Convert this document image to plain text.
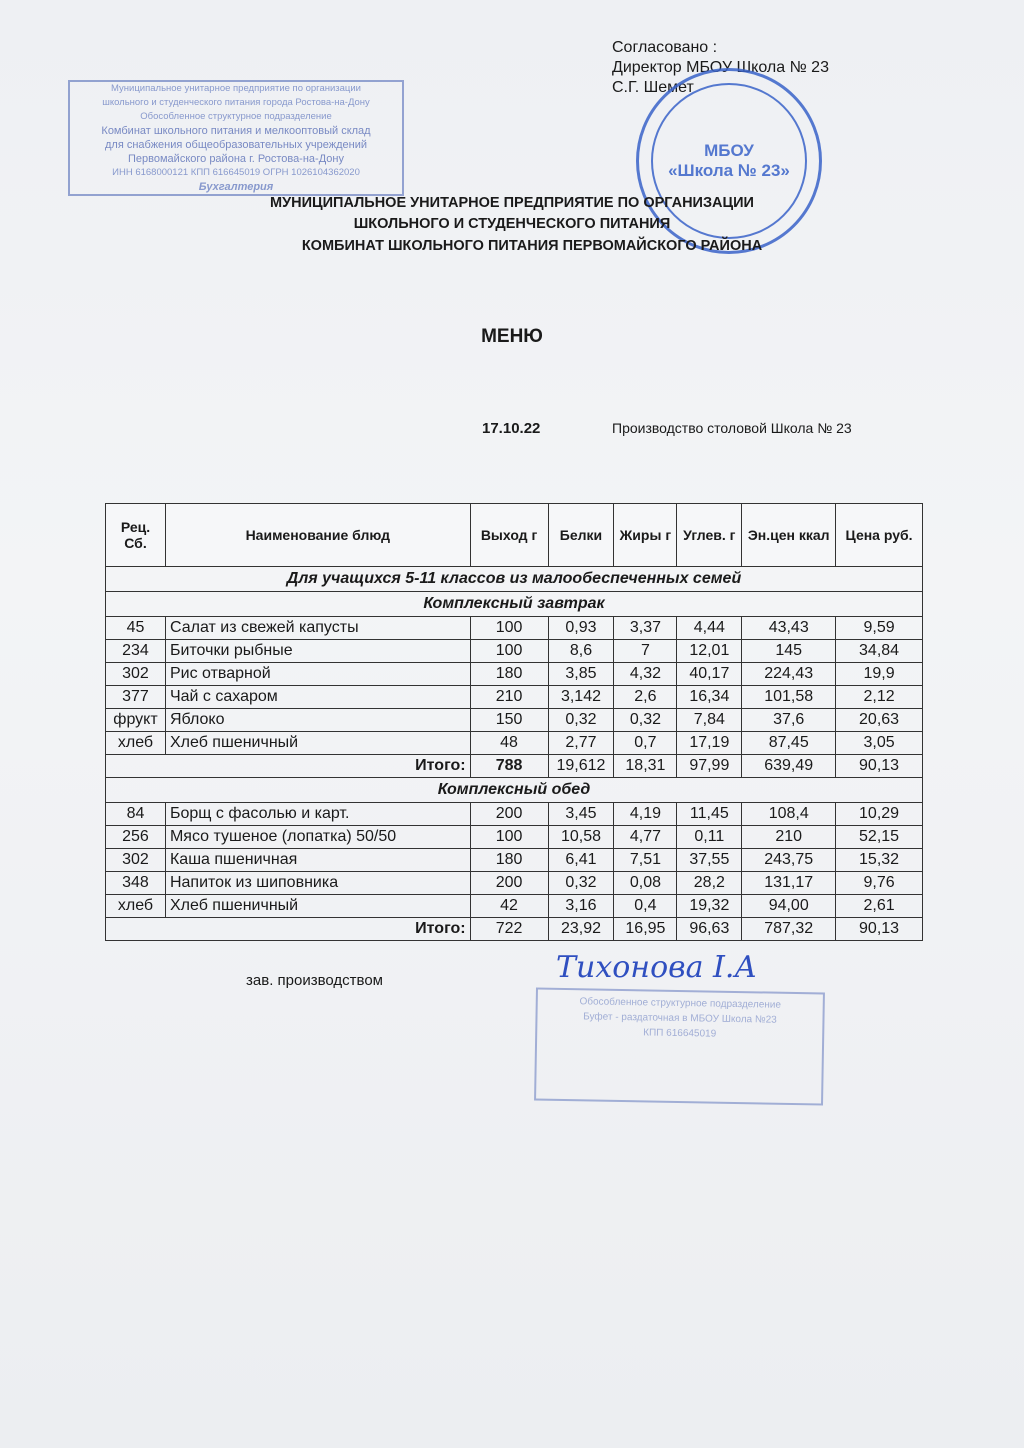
Согласовано :
Директор МБОУ Школа № 23
С.Г. Шемет
Муниципальное унитарное предприятие по организации
школьного и студенческого питания города Ростова-на-Дону
Обособленное структурное подразделение
Комбинат школьного питания и мелкооптовый склад
для снабжения общеобразовательных учреждений
Первомайского района г. Ростова-на-Дону
ИНН 6168000121 КПП 616645019 ОГРН 1026104362020
Бухгалтерия
МБОУ
«Школа № 23»
МУНИЦИПАЛЬНОЕ УНИТАРНОЕ ПРЕДПРИЯТИЕ ПО ОРГАНИЗАЦИИ
ШКОЛЬНОГО И СТУДЕНЧЕСКОГО ПИТАНИЯ
КОМБИНАТ ШКОЛЬНОГО ПИТАНИЯ ПЕРВОМАЙСКОГО РАЙОНА
МЕНЮ
17.10.22	Производство столовой Школа № 23
Рец. Сб.	Наименование блюд	Выход г	Белки	Жиры г	Углев. г	Эн.цен ккал	Цена руб.
Для учащихся 5-11 классов из малообеспеченных семей							
Комплексный завтрак							
45	Салат из свежей капусты	100	0,93	3,37	4,44	43,43	9,59
234	Биточки рыбные	100	8,6	7	12,01	145	34,84
302	Рис отварной	180	3,85	4,32	40,17	224,43	19,9
377	Чай с сахаром	210	3,142	2,6	16,34	101,58	2,12
фрукт	Яблоко	150	0,32	0,32	7,84	37,6	20,63
хлеб	Хлеб пшеничный	48	2,77	0,7	17,19	87,45	3,05
Итого:		788	19,612	18,31	97,99	639,49	90,13
Комплексный обед							
84	Борщ с фасолью и карт.	200	3,45	4,19	11,45	108,4	10,29
256	Мясо тушеное (лопатка) 50/50	100	10,58	4,77	0,11	210	52,15
302	Каша пшеничная	180	6,41	7,51	37,55	243,75	15,32
348	Напиток из шиповника	200	0,32	0,08	28,2	131,17	9,76
хлеб	Хлеб пшеничный	42	3,16	0,4	19,32	94,00	2,61
Итого:		722	23,92	16,95	96,63	787,32	90,13
зав. производством
Обособленное структурное подразделение
Буфет - раздаточная в МБОУ Школа №23
КПП 616645019
Тихонова І.А
